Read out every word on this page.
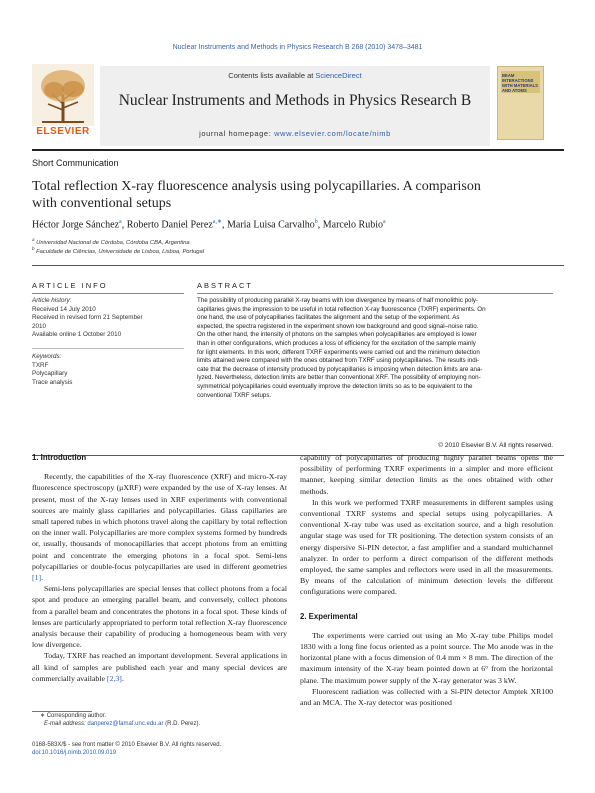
Nuclear Instruments and Methods in Physics Research B 268 (2010) 3478–3481
Contents lists available at ScienceDirect
Nuclear Instruments and Methods in Physics Research B
journal homepage: www.elsevier.com/locate/nimb
ELSEVIER
BEAM INTERACTIONS WITH MATERIALS AND ATOMS
Short Communication
Total reflection X-ray fluorescence analysis using polycapillaries. A comparison
with conventional setups
Héctor Jorge Sánchez$^a$, Roberto Daniel Perez$^{a,∗}$, Maria Luisa Carvalho$^b$, Marcelo Rubio$^a$
$^a$ Universidad Nacional de Córdoba, Córdoba CBA, Argentina
$^b$ Faculdade de Ciências, Universidade de Lisboa, Lisboa, Portugal
ARTICLE INFO
Article history:
Received 14 July 2010
Received in revised form 21 September
2010
Available online 1 October 2010
Keywords:
TXRF
Polycapillary
Trace analysis
ABSTRACT
The possibility of producing parallel X-ray beams with low divergence by means of half monolithic poly-
capillaries gives the impression to be useful in total reflection X-ray fluorescence (TXRF) experiments. On
one hand, the use of polycapillaries facilitates the alignment and the setup of the experiment. As
expected, the spectra registered in the experiment shown low background and good signal–noise ratio.
On the other hand, the intensity of photons on the samples when polycapillaries are employed is lower
than in other configurations, which produces a loss of efficiency for the excitation of the sample mainly
for light elements. In this work, different TXRF experiments were carried out and the minimum detection
limits attained were compared with the ones obtained from TXRF using polycapillaries. The results indi-
cate that the decrease of intensity produced by polycapillaries is imposing when detection limits are ana-
lyzed. Nevertheless, detection limits are better than conventional XRF. The possibility of employing non-
symmetrical polycapillaries could eventually improve the detection limits so as to be equivalent to the
conventional TXRF setups.
© 2010 Elsevier B.V. All rights reserved.
1. Introduction

Recently, the capabilities of the X-ray fluorescence (XRF) and micro-X-ray fluorescence spectroscopy (μXRF) were expanded by the use of X-ray lenses. At present, most of the X-ray lenses used in XRF experiments with conventional sources are mainly glass capillaries and polycapillaries. Glass capillaries are small tapered tubes in which photons travel along the capillary by total reflection on the inner wall. Polycapillaries are more complex systems formed by hundreds or, usually, thousands of monocapillaries that accept photons from an emitting point and concentrate the emerging photons in a focal spot. Semi-lens polycapillaries or double-focus polycapillaries are used in different geometries [1].

Semi-lens polycapillaries are special lenses that collect photons from a focal spot and produce an emerging parallel beam, and conversely, collect photons from a parallel beam and concentrates the photons in a focal spot. These kinds of lenses are particularly appropriated to perform total reflection X-ray fluorescence analysis because their capability of producing a homogeneous beam with very low divergence.

Today, TXRF has reached an important development. Several applications in all kind of samples are published each year and many special devices are commercially available [2,3].

∗ Corresponding author.
E-mail address: danperez@famaf.unc.edu.ar (R.D. Perez).
0168-583X/$ - see front matter © 2010 Elsevier B.V. All rights reserved.
doi:10.1016/j.nimb.2010.09.019

capability of polycapillaries of producing highly parallel beams opens the possibility of performing TXRF experiments in a simpler and more efficient manner, keeping similar detection limits as the ones obtained with other methods.

In this work we performed TXRF measurements in different samples using conventional TXRF systems and special setups using polycapillaries. A conventional X-ray tube was used as excitation source, and a high resolution angular stage was used for TR positioning. The detection system consists of an energy dispersive Si-PIN detector, a fast amplifier and a standard multichannel analyzer. In order to perform a direct comparison of the different methods employed, the same samples and reflectors were used in all the measurements. By means of the calculation of minimum detection levels the different configurations were compared.

2. Experimental

The experiments were carried out using an Mo X-ray tube Philips model 1830 with a long fine focus oriented as a point source. The Mo anode was in the horizontal plane with a focus dimension of 0.4 mm × 8 mm. The direction of the maximum intensity of the X-ray beam pointed down at 6° from the horizontal plane. The maximum power supply of the X-ray generator was 3 kW.

Fluorescent radiation was collected with a Si-PIN detector Amptek XR100 and an MCA. The X-ray detector was positioned
